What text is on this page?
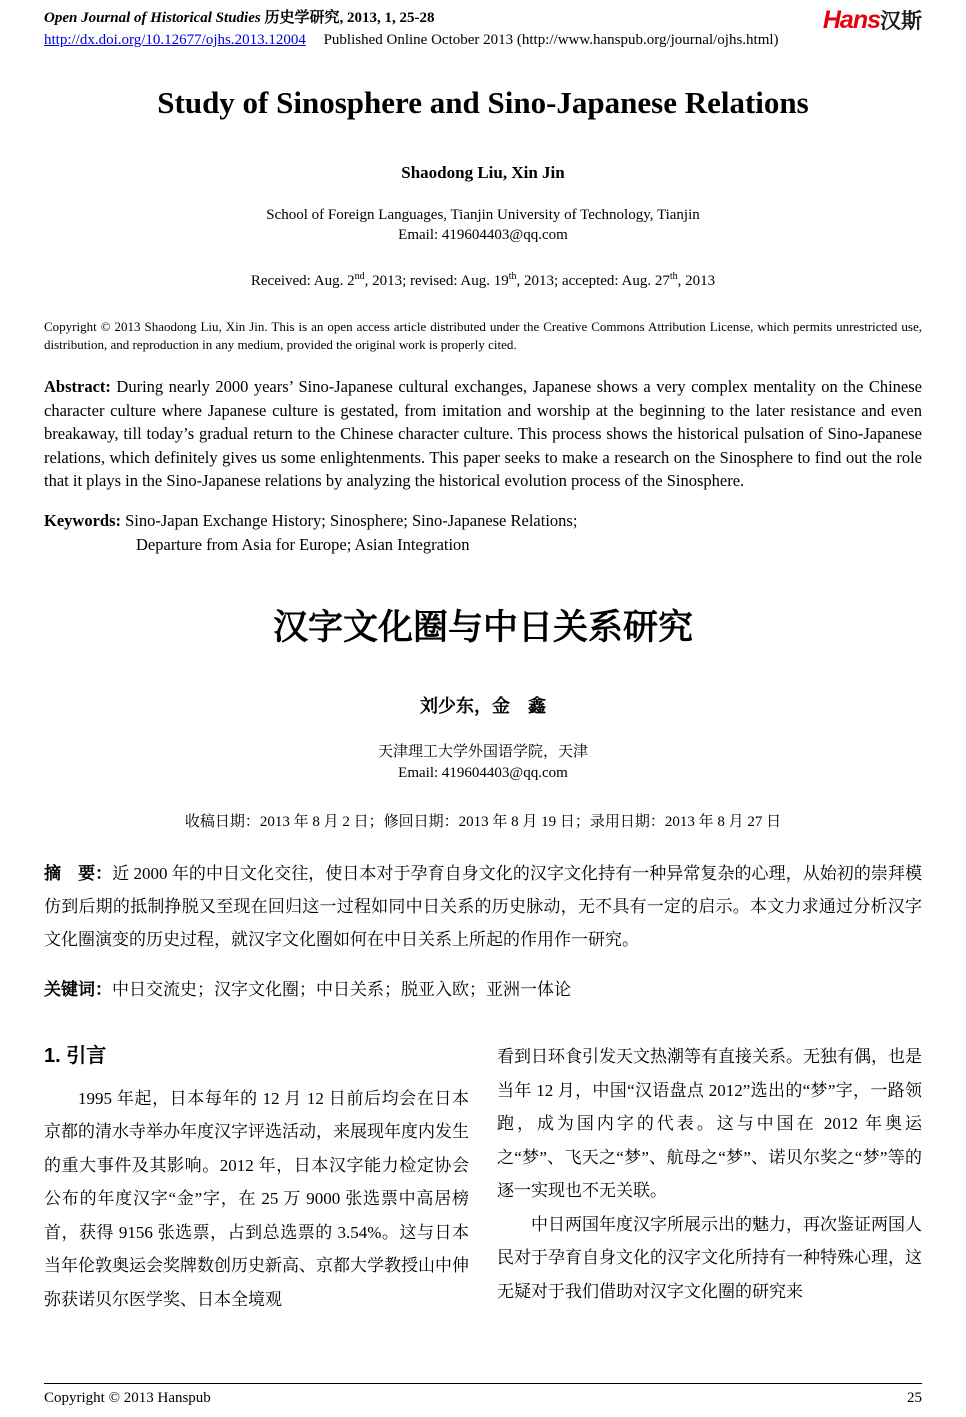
Open Journal of Historical Studies 历史学研究, 2013, 1, 25-28
http://dx.doi.org/10.12677/ojhs.2013.12004 Published Online October 2013 (http://www.hanspub.org/journal/ojhs.html)
Hans汉斯
Study of Sinosphere and Sino-Japanese Relations
Shaodong Liu, Xin Jin
School of Foreign Languages, Tianjin University of Technology, Tianjin
Email: 419604403@qq.com
Received: Aug. 2nd, 2013; revised: Aug. 19th, 2013; accepted: Aug. 27th, 2013
Copyright © 2013 Shaodong Liu, Xin Jin. This is an open access article distributed under the Creative Commons Attribution License, which permits unrestricted use, distribution, and reproduction in any medium, provided the original work is properly cited.

Abstract: During nearly 2000 years’ Sino-Japanese cultural exchanges, Japanese shows a very complex mentality on the Chinese character culture where Japanese culture is gestated, from imitation and worship at the beginning to the later resistance and even breakaway, till today’s gradual return to the Chinese character culture. This process shows the historical pulsation of Sino-Japanese relations, which definitely gives us some enlightenments. This paper seeks to make a research on the Sinosphere to find out the role that it plays in the Sino-Japanese relations by analyzing the historical evolution process of the Sinosphere.

Keywords: Sino-Japan Exchange History; Sinosphere; Sino-Japanese Relations;
Departure from Asia for Europe; Asian Integration

汉字文化圈与中日关系研究
刘少东，金　鑫
天津理工大学外国语学院，天津
Email: 419604403@qq.com
收稿日期：2013 年 8 月 2 日；修回日期：2013 年 8 月 19 日；录用日期：2013 年 8 月 27 日

摘　要：近 2000 年的中日文化交往，使日本对于孕育自身文化的汉字文化持有一种异常复杂的心理，从始初的崇拜模仿到后期的抵制挣脱又至现在回归这一过程如同中日关系的历史脉动，无不具有一定的启示。本文力求通过分析汉字文化圈演变的历史过程，就汉字文化圈如何在中日关系上所起的作用作一研究。

关键词：中日交流史；汉字文化圈；中日关系；脱亚入欧；亚洲一体论

1. 引言

1995 年起，日本每年的 12 月 12 日前后均会在日本京都的清水寺举办年度汉字评选活动，来展现年度内发生的重大事件及其影响。2012 年，日本汉字能力检定协会公布的年度汉字“金”字，在 25 万 9000 张选票中高居榜首，获得 9156 张选票，占到总选票的 3.54%。这与日本当年伦敦奥运会奖牌数创历史新高、京都大学教授山中伸弥获诺贝尔医学奖、日本全境观

看到日环食引发天文热潮等有直接关系。无独有偶，也是当年 12 月，中国“汉语盘点 2012”选出的“梦”字，一路领跑，成为国内字的代表。这与中国在 2012 年奥运之“梦”、飞天之“梦”、航母之“梦”、诺贝尔奖之“梦”等的逐一实现也不无关联。

中日两国年度汉字所展示出的魅力，再次鉴证两国人民对于孕育自身文化的汉字文化所持有一种特殊心理，这无疑对于我们借助对汉字文化圈的研究来

Copyright © 2013 Hanspub	25
